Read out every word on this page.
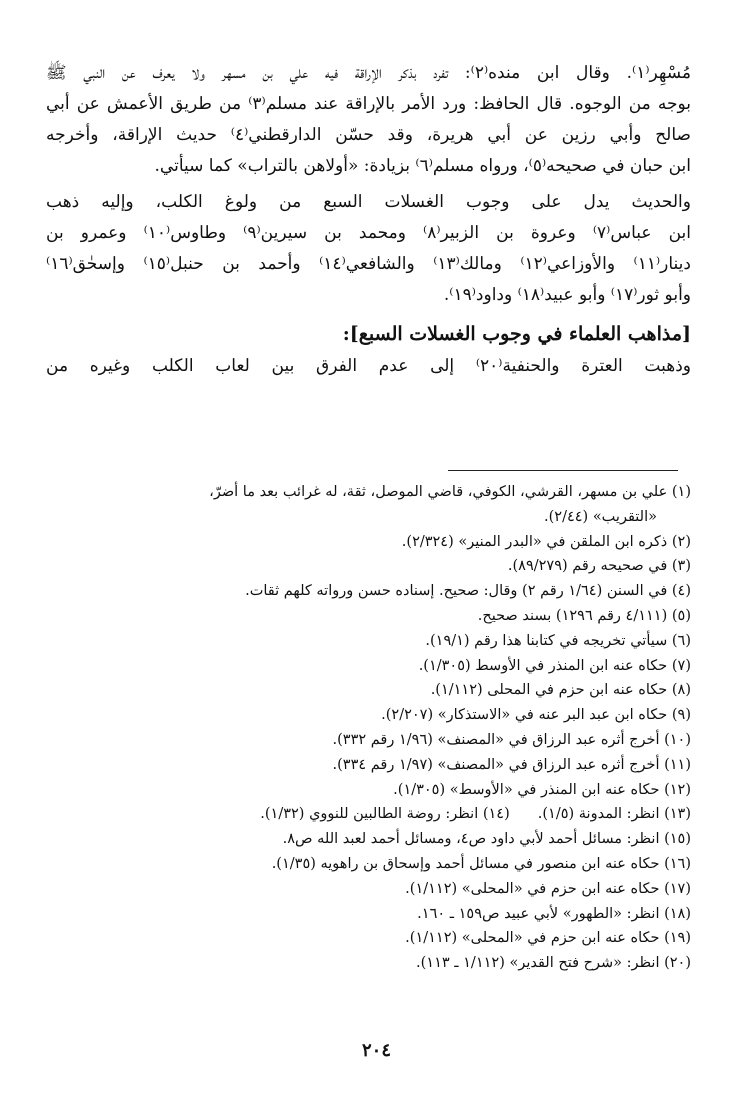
مُسْهِر⁽١⁾. وقال ابن منده⁽٢⁾: تفرد بذكر الإراقة فيه علي بن مسهر ولا يعرف عن النبي ﷺ
بوجه من الوجوه. قال الحافظ: ورد الأمر بالإراقة عند مسلم⁽٣⁾ من طريق الأعمش عن أبي
صالح وأبي رزين عن أبي هريرة، وقد حسّن الدارقطني⁽٤⁾ حديث الإراقة، وأخرجه
ابن حبان في صحيحه⁽٥⁾، ورواه مسلم⁽٦⁾ بزيادة: «أولاهن بالتراب» كما سيأتي.
والحديث يدل على وجوب الغسلات السبع من ولوغ الكلب، وإليه ذهب
ابن عباس⁽٧⁾ وعروة بن الزبير⁽٨⁾ ومحمد بن سيرين⁽٩⁾ وطاوس⁽١٠⁾ وعمرو بن
دينار⁽١١⁾ والأوزاعي⁽١٢⁾ ومالك⁽١٣⁾ والشافعي⁽١٤⁾ وأحمد بن حنبل⁽١٥⁾ وإسحٰق⁽١٦⁾
وأبو ثور⁽١٧⁾ وأبو عبيد⁽١٨⁾ وداود⁽١٩⁾.
[مذاهب العلماء في وجوب الغسلات السبع]:
وذهبت العترة والحنفية⁽٢٠⁾ إلى عدم الفرق بين لعاب الكلب وغيره من
(١) علي بن مسهر، القرشي، الكوفي، قاضي الموصل، ثقة، له غرائب بعد ما أضرّ،
«التقريب» (٢/٤٤).
(٢) ذكره ابن الملقن في «البدر المنير» (٢/٣٢٤).
(٣) في صحيحه رقم (٨٩/٢٧٩).
(٤) في السنن (١/٦٤ رقم ٢) وقال: صحيح. إسناده حسن ورواته كلهم ثقات.
(٥) (٤/١١١ رقم ١٢٩٦) بسند صحيح.
(٦) سيأتي تخريجه في كتابنا هذا رقم (١٩/١).
(٧) حكاه عنه ابن المنذر في الأوسط (١/٣٠٥).
(٨) حكاه عنه ابن حزم في المحلى (١/١١٢).
(٩) حكاه ابن عبد البر عنه في «الاستذكار» (٢/٢٠٧).
(١٠) أخرج أثره عبد الرزاق في «المصنف» (١/٩٦ رقم ٣٣٢).
(١١) أخرج أثره عبد الرزاق في «المصنف» (١/٩٧ رقم ٣٣٤).
(١٢) حكاه عنه ابن المنذر في «الأوسط» (١/٣٠٥).
(١٣) انظر: المدونة (١/٥).
(١٤) انظر: روضة الطالبين للنووي (١/٣٢).
(١٥) انظر: مسائل أحمد لأبي داود ص٤، ومسائل أحمد لعبد الله ص٨.
(١٦) حكاه عنه ابن منصور في مسائل أحمد وإسحاق بن راهويه (١/٣٥).
(١٧) حكاه عنه ابن حزم في «المحلى» (١/١١٢).
(١٨) انظر: «الطهور» لأبي عبيد ص١٥٩ ـ ١٦٠.
(١٩) حكاه عنه ابن حزم في «المحلى» (١/١١٢).
(٢٠) انظر: «شرح فتح القدير» (١/١١٢ ـ ١١٣).
٢٠٤
